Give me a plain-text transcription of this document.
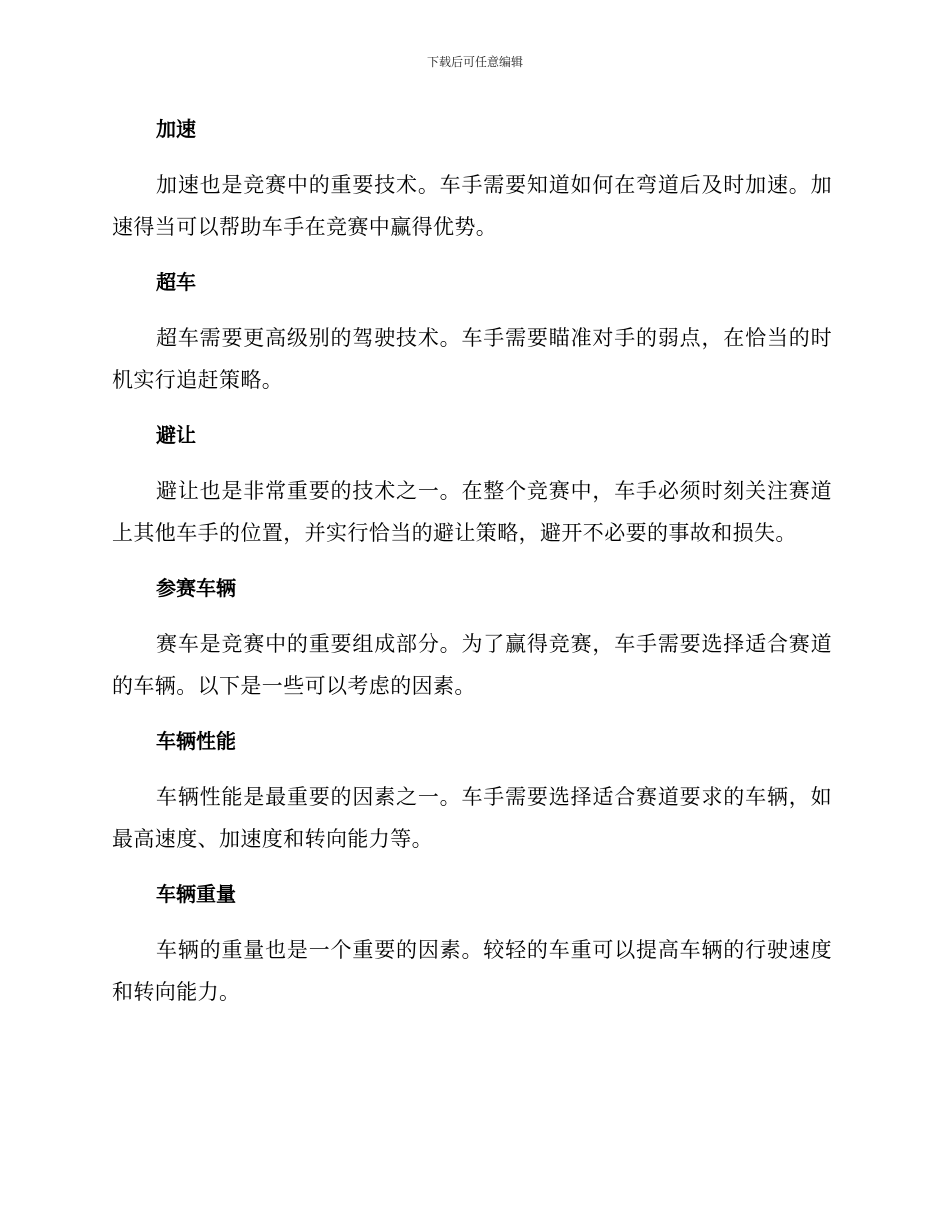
下载后可任意编辑
加速

加速也是竞赛中的重要技术。车手需要知道如何在弯道后及时加速。加速得当可以帮助车手在竞赛中赢得优势。

超车

超车需要更高级别的驾驶技术。车手需要瞄准对手的弱点，在恰当的时机实行追赶策略。

避让

避让也是非常重要的技术之一。在整个竞赛中，车手必须时刻关注赛道上其他车手的位置，并实行恰当的避让策略，避开不必要的事故和损失。

参赛车辆

赛车是竞赛中的重要组成部分。为了赢得竞赛，车手需要选择适合赛道的车辆。以下是一些可以考虑的因素。

车辆性能

车辆性能是最重要的因素之一。车手需要选择适合赛道要求的车辆，如最高速度、加速度和转向能力等。

车辆重量

车辆的重量也是一个重要的因素。较轻的车重可以提高车辆的行驶速度和转向能力。
